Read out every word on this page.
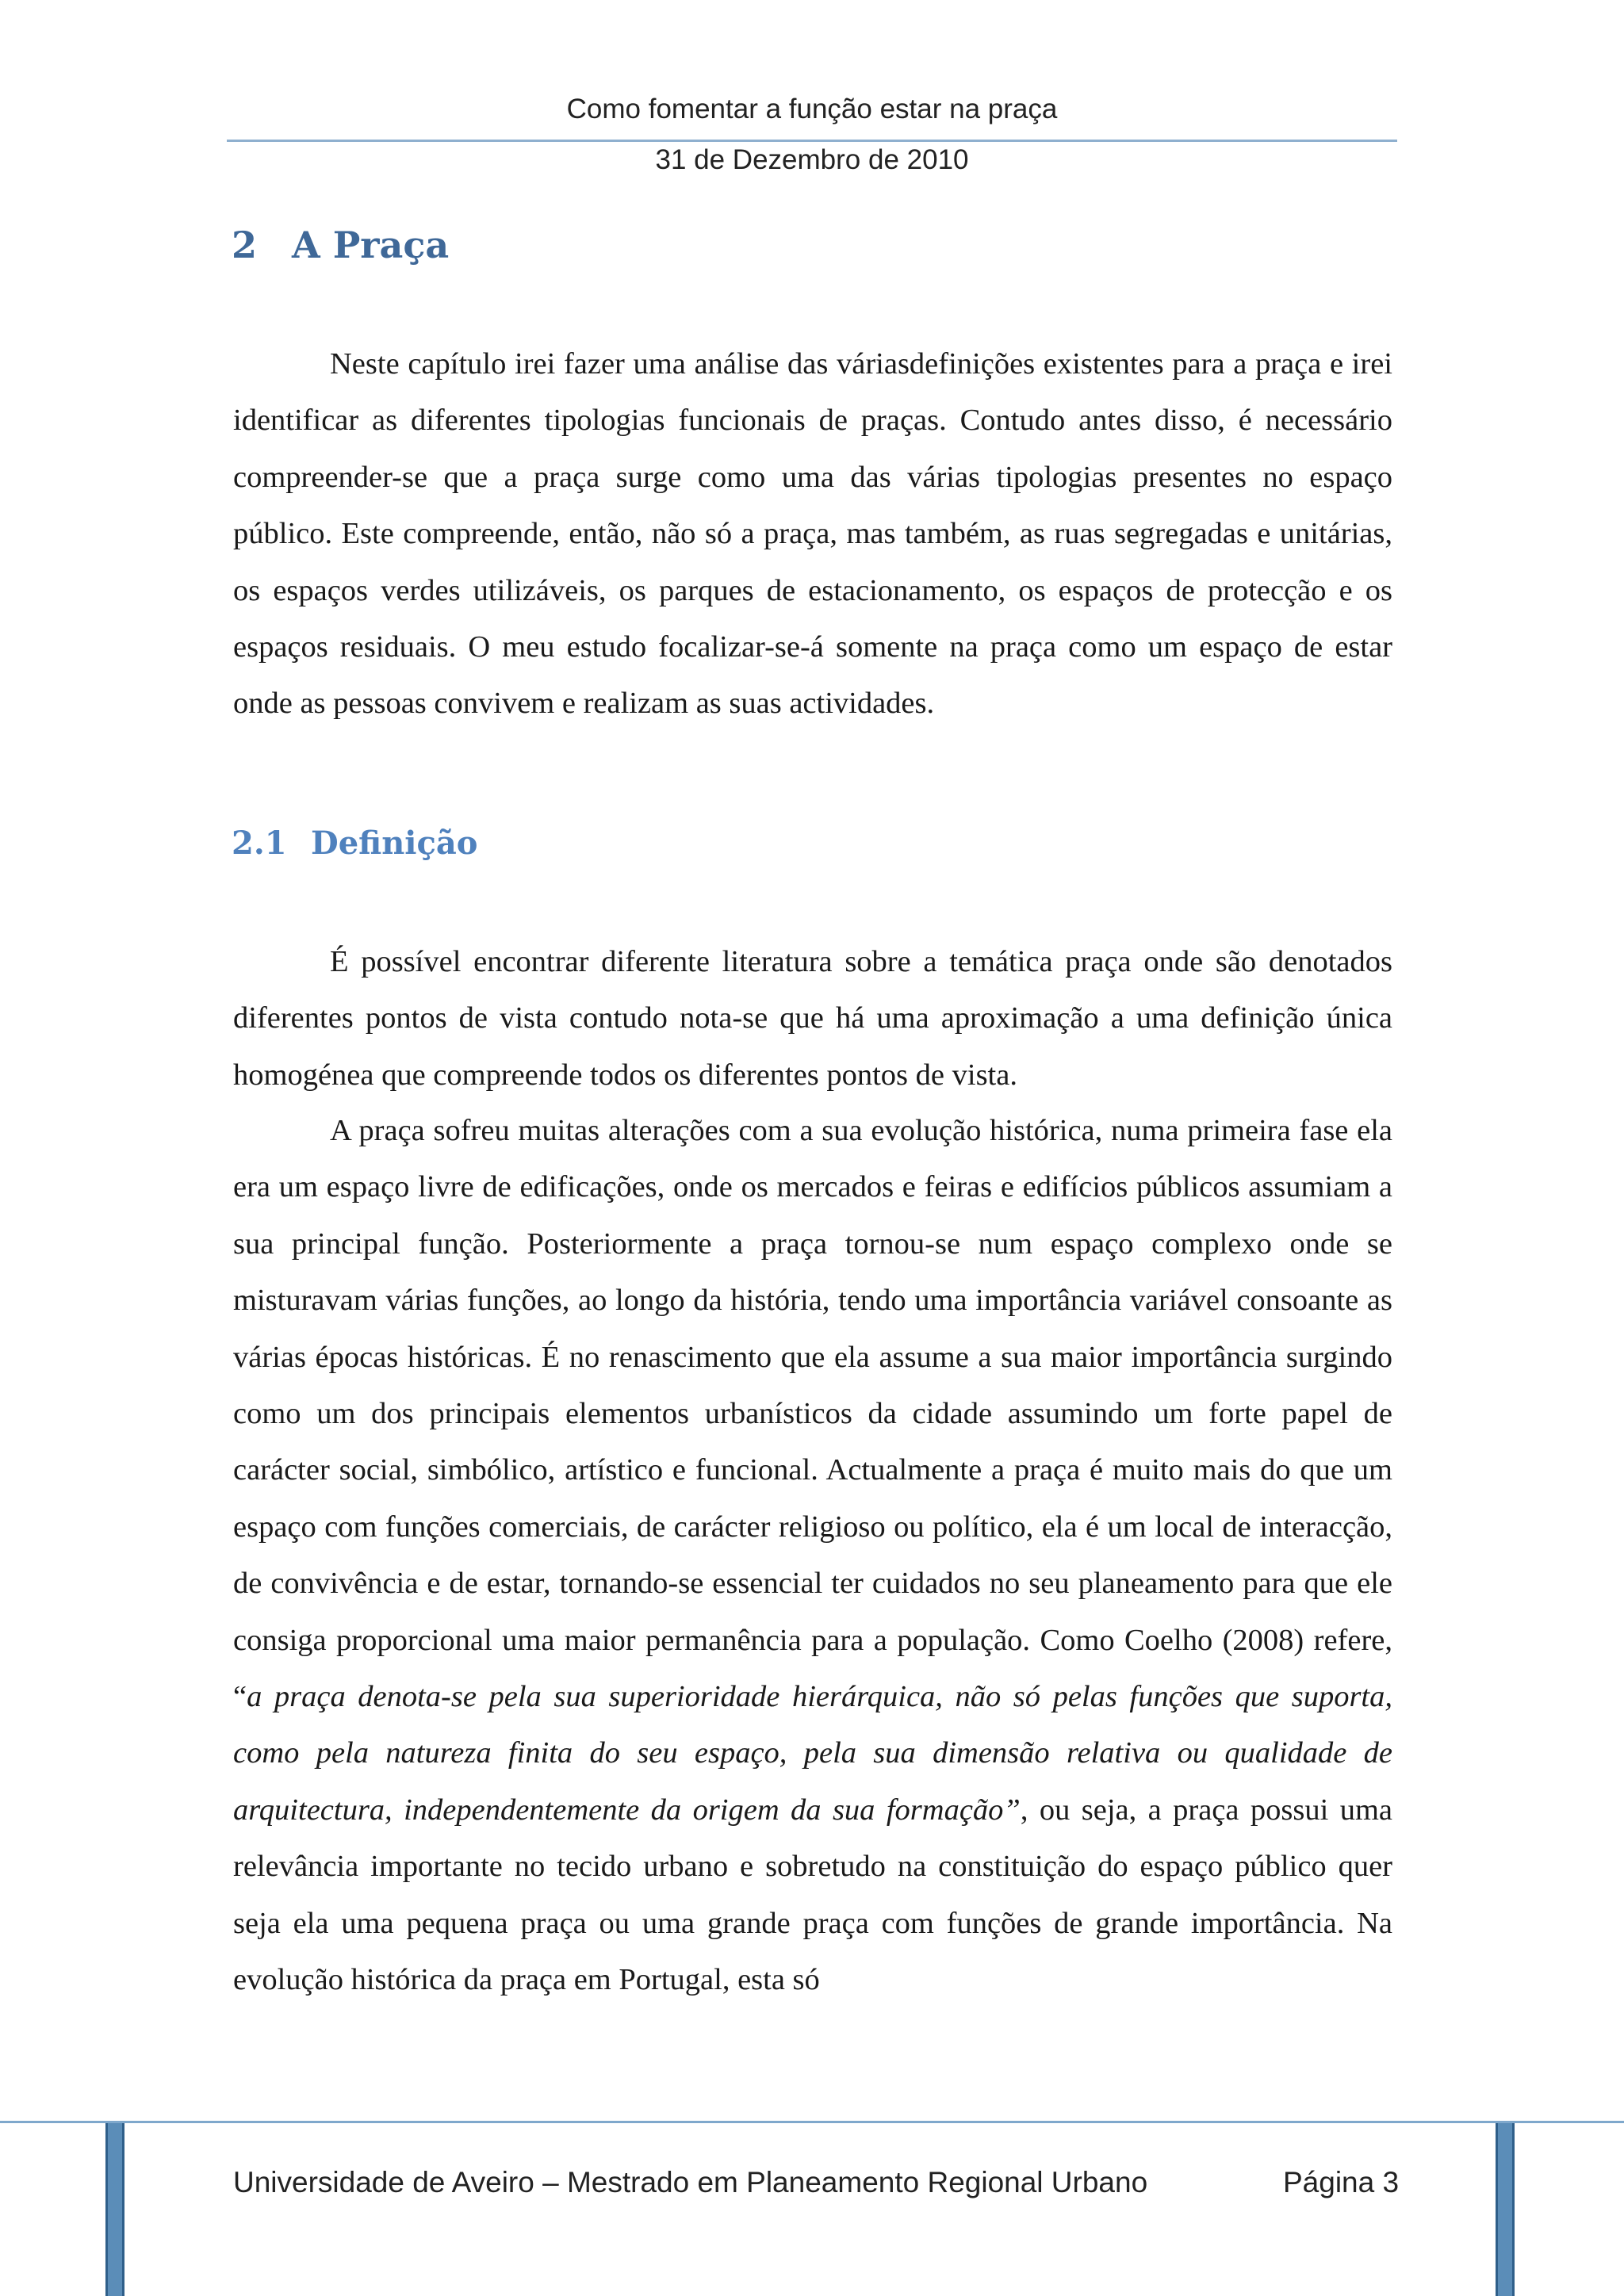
Como fomentar a função estar na praça
31 de Dezembro de 2010
2 A Praça

Neste capítulo irei fazer uma análise das váriasdefinições existentes para a praça e irei identificar as diferentes tipologias funcionais de praças. Contudo antes disso, é necessário compreender-se que a praça surge como uma das várias tipologias presentes no espaço público. Este compreende, então, não só a praça, mas também, as ruas segregadas e unitárias, os espaços verdes utilizáveis, os parques de estacionamento, os espaços de protecção e os espaços residuais. O meu estudo focalizar-se-á somente na praça como um espaço de estar onde as pessoas convivem e realizam as suas actividades.

2.1 Definição

É possível encontrar diferente literatura sobre a temática praça onde são denotados diferentes pontos de vista contudo nota-se que há uma aproximação a uma definição única homogénea que compreende todos os diferentes pontos de vista.

A praça sofreu muitas alterações com a sua evolução histórica, numa primeira fase ela era um espaço livre de edificações, onde os mercados e feiras e edifícios públicos assumiam a sua principal função. Posteriormente a praça tornou-se num espaço complexo onde se misturavam várias funções, ao longo da história, tendo uma importância variável consoante as várias épocas históricas. É no renascimento que ela assume a sua maior importância surgindo como um dos principais elementos urbanísticos da cidade assumindo um forte papel de carácter social, simbólico, artístico e funcional. Actualmente a praça é muito mais do que um espaço com funções comerciais, de carácter religioso ou político, ela é um local de interacção, de convivência e de estar, tornando-se essencial ter cuidados no seu planeamento para que ele consiga proporcional uma maior permanência para a população. Como Coelho (2008) refere, “a praça denota-se pela sua superioridade hierárquica, não só pelas funções que suporta, como pela natureza finita do seu espaço, pela sua dimensão relativa ou qualidade de arquitectura, independentemente da origem da sua formação”, ou seja, a praça possui uma relevância importante no tecido urbano e sobretudo na constituição do espaço público quer seja ela uma pequena praça ou uma grande praça com funções de grande importância. Na evolução histórica da praça em Portugal, esta só

Universidade de Aveiro – Mestrado em Planeamento Regional Urbano	Página 3
